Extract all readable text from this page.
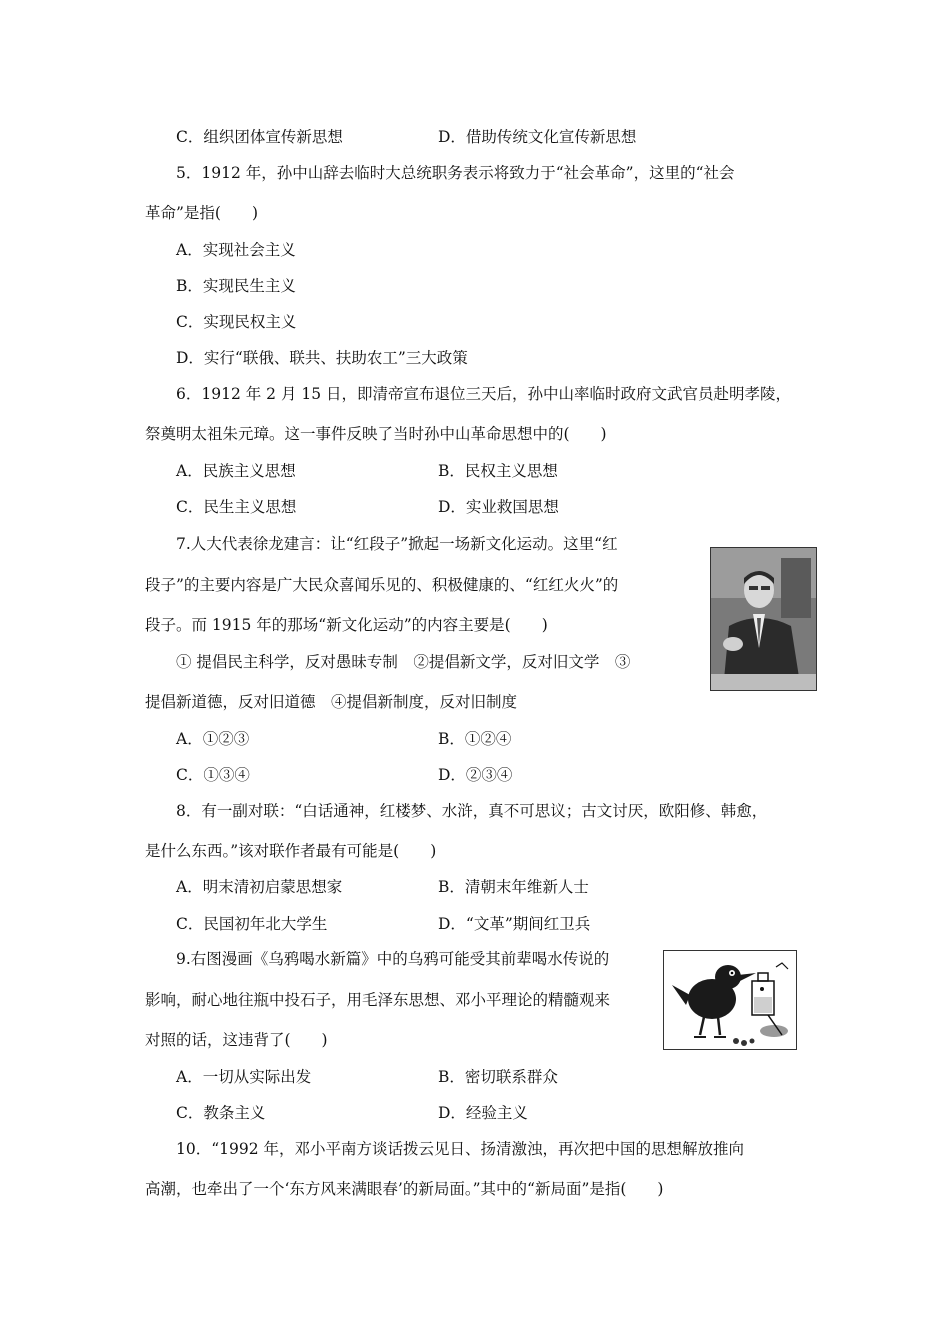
C．组织团体宣传新思想	D．借助传统文化宣传新思想
5．1912 年，孙中山辞去临时大总统职务表示将致力于“社会革命”，这里的“社会
革命”是指(　　)
A．实现社会主义
B．实现民生主义
C．实现民权主义
D．实行“联俄、联共、扶助农工”三大政策
6．1912 年 2 月 15 日，即清帝宣布退位三天后，孙中山率临时政府文武官员赴明孝陵，
祭奠明太祖朱元璋。这一事件反映了当时孙中山革命思想中的(　　)
A．民族主义思想	B．民权主义思想
C．民生主义思想	D．实业救国思想
7.人大代表徐龙建言：让“红段子”掀起一场新文化运动。这里“红
段子”的主要内容是广大民众喜闻乐见的、积极健康的、“红红火火”的
段子。而 1915 年的那场“新文化运动”的内容主要是(　　)
① 提倡民主科学，反对愚昧专制　②提倡新文学，反对旧文学　③
提倡新道德，反对旧道德　④提倡新制度，反对旧制度
A．①②③	B．①②④
C．①③④	D．②③④
8．有一副对联：“白话通神，红楼梦、水浒，真不可思议；古文讨厌，欧阳修、韩愈，
是什么东西。”该对联作者最有可能是(　　)
A．明末清初启蒙思想家	B．清朝末年维新人士
C．民国初年北大学生	D．“文革”期间红卫兵
9.右图漫画《乌鸦喝水新篇》中的乌鸦可能受其前辈喝水传说的
影响，耐心地往瓶中投石子，用毛泽东思想、邓小平理论的精髓观来
对照的话，这违背了(　　)
A．一切从实际出发	B．密切联系群众
C．教条主义	D．经验主义
10．“1992 年，邓小平南方谈话拨云见日、扬清激浊，再次把中国的思想解放推向
高潮，也牵出了一个‘东方风来满眼春’的新局面。”其中的“新局面”是指(　　)
